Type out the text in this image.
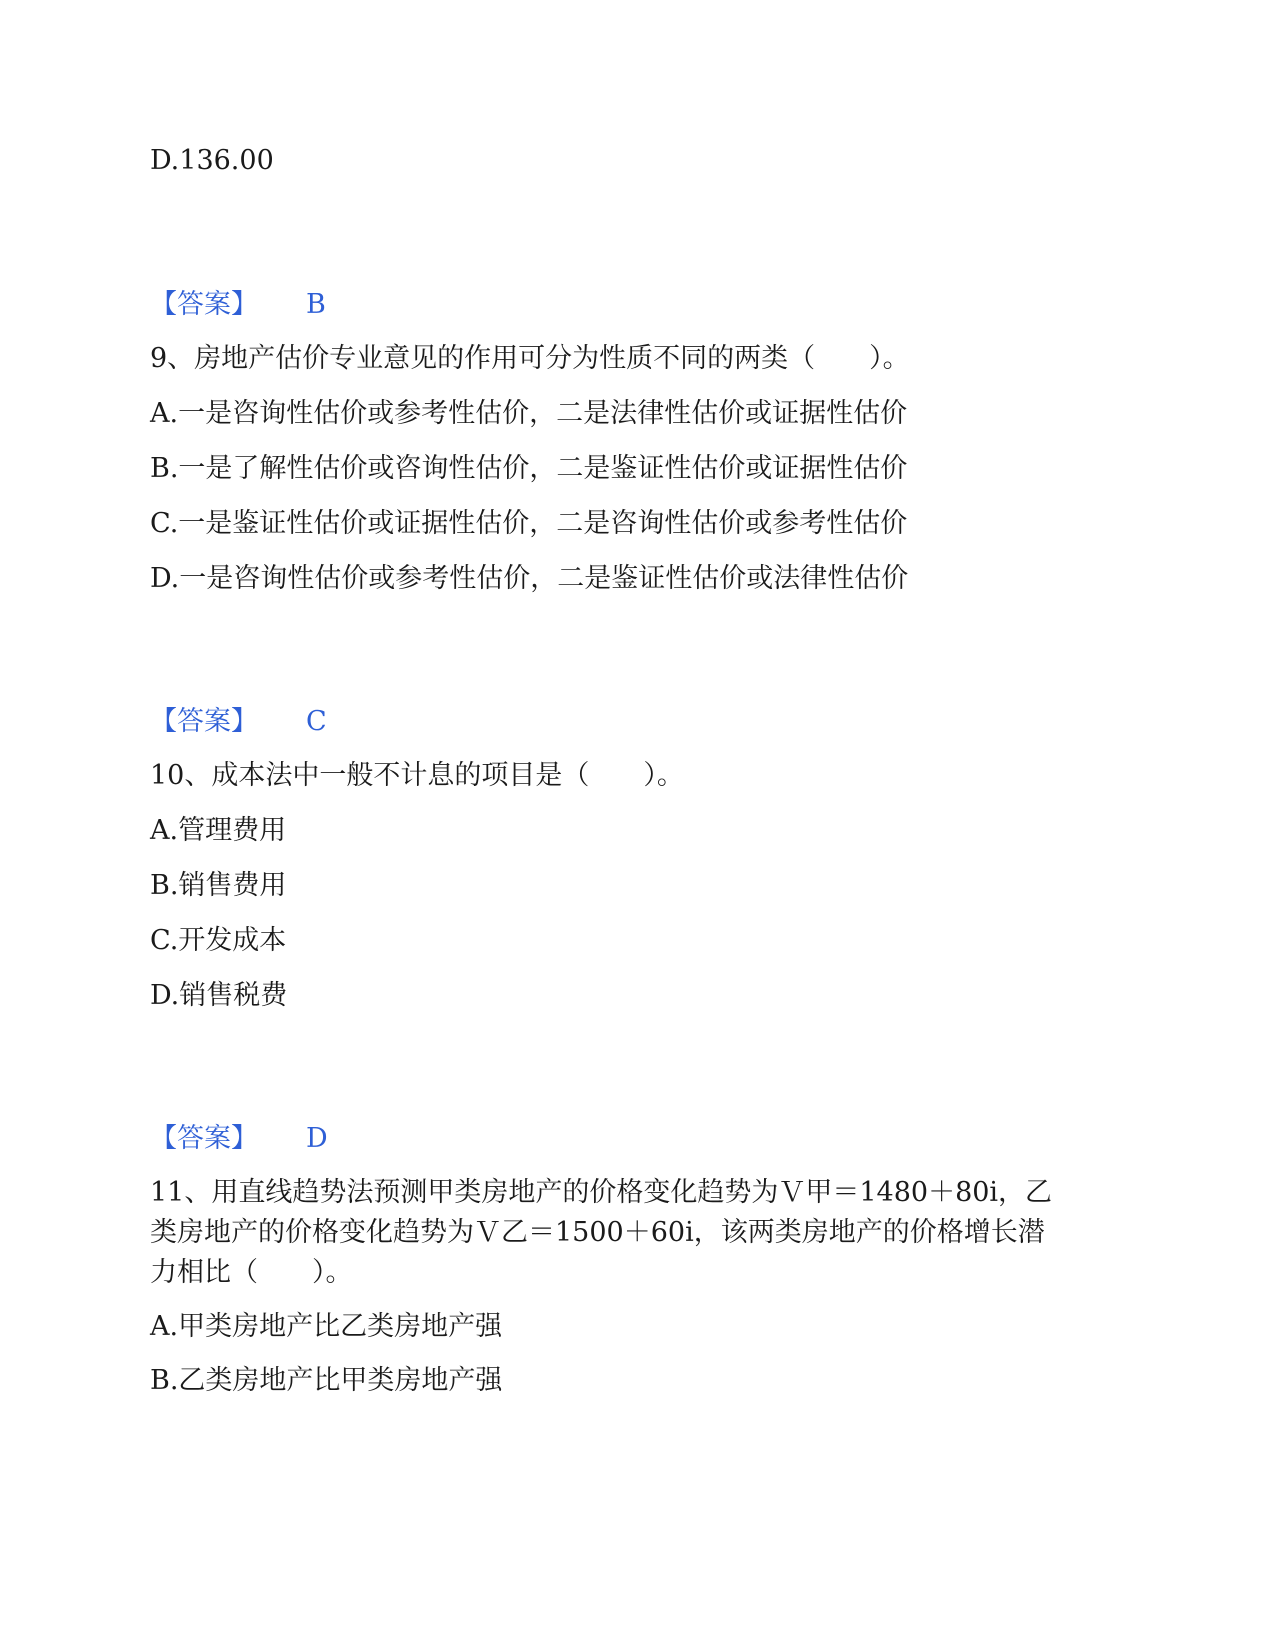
D.136.00
【答案】 B
9、房地产估价专业意见的作用可分为性质不同的两类（　　）。
A.一是咨询性估价或参考性估价，二是法律性估价或证据性估价
B.一是了解性估价或咨询性估价，二是鉴证性估价或证据性估价
C.一是鉴证性估价或证据性估价，二是咨询性估价或参考性估价
D.一是咨询性估价或参考性估价，二是鉴证性估价或法律性估价
【答案】 C
10、成本法中一般不计息的项目是（　　）。
A.管理费用
B.销售费用
C.开发成本
D.销售税费
【答案】 D
11、用直线趋势法预测甲类房地产的价格变化趋势为Ｖ甲＝1480＋80i，乙
类房地产的价格变化趋势为Ｖ乙＝1500＋60i，该两类房地产的价格增长潜
力相比（　　）。
A.甲类房地产比乙类房地产强
B.乙类房地产比甲类房地产强
